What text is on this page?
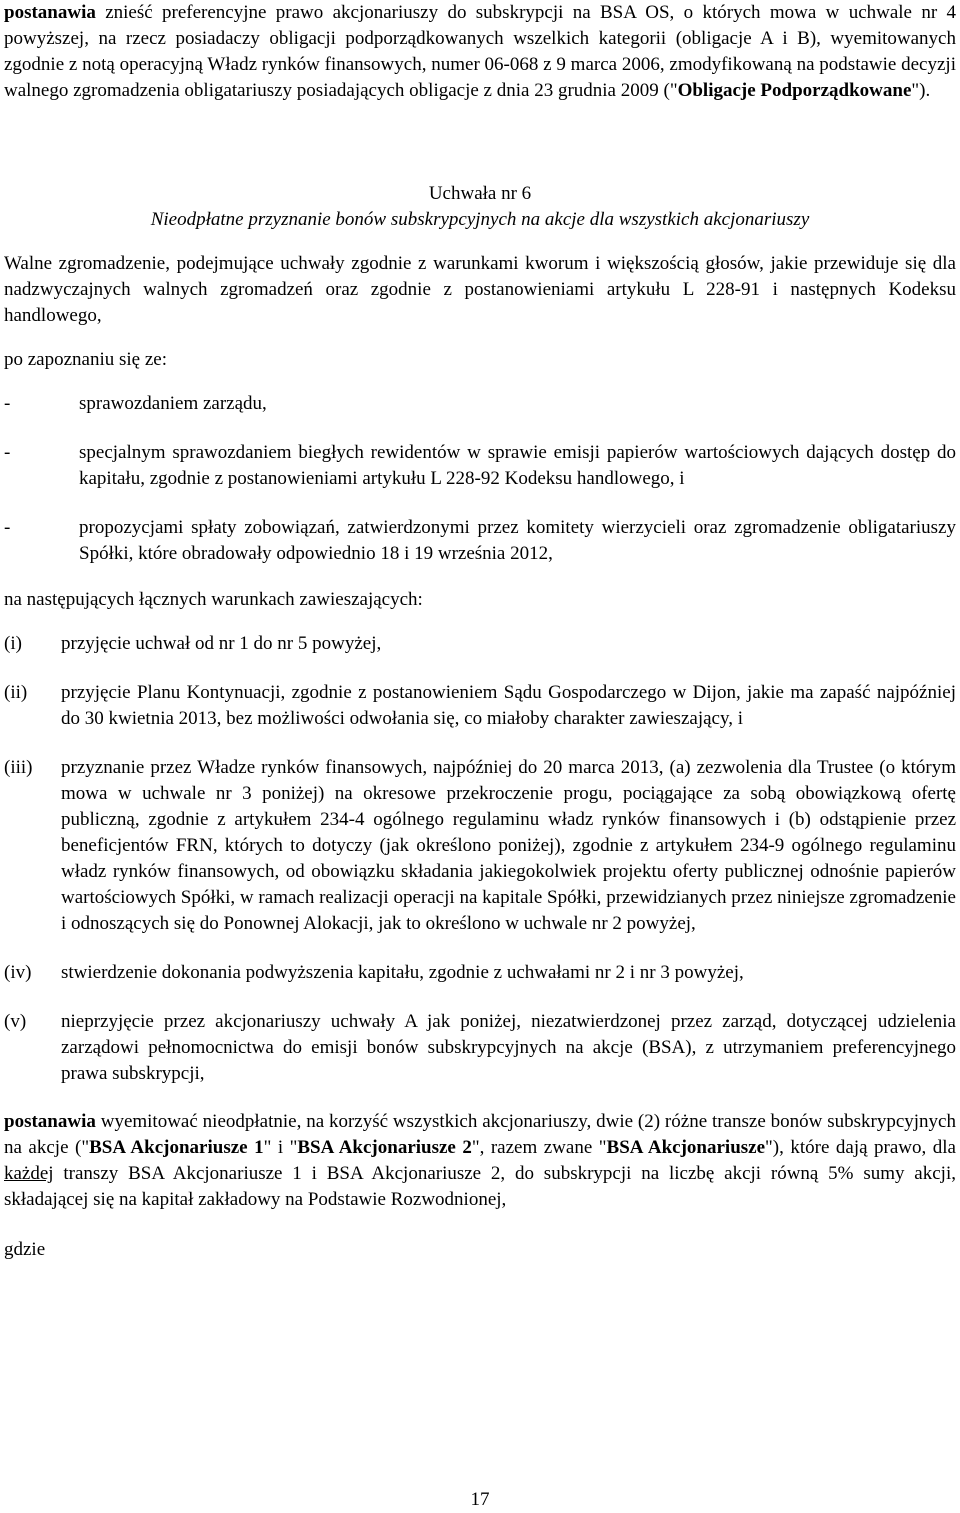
postanawia znieść preferencyjne prawo akcjonariuszy do subskrypcji na BSA OS, o których mowa w uchwale nr 4 powyższej, na rzecz posiadaczy obligacji podporządkowanych wszelkich kategorii (obligacje A i B), wyemitowanych zgodnie z notą operacyjną Władz rynków finansowych, numer 06-068 z 9 marca 2006, zmodyfikowaną na podstawie decyzji walnego zgromadzenia obligatariuszy posiadających obligacje z dnia 23 grudnia 2009 ("Obligacje Podporządkowane").

Uchwała nr 6

Nieodpłatne przyznanie bonów subskrypcyjnych na akcje dla wszystkich akcjonariuszy

Walne zgromadzenie, podejmujące uchwały zgodnie z warunkami kworum i większością głosów, jakie przewiduje się dla nadzwyczajnych walnych zgromadzeń oraz zgodnie z postanowieniami artykułu L 228-91 i następnych Kodeksu handlowego,

po zapoznaniu się ze:

-	sprawozdaniem zarządu,
-	specjalnym sprawozdaniem biegłych rewidentów w sprawie emisji papierów wartościowych dających dostęp do kapitału, zgodnie z postanowieniami artykułu L 228-92 Kodeksu handlowego, i
-	propozycjami spłaty zobowiązań, zatwierdzonymi przez komitety wierzycieli oraz zgromadzenie obligatariuszy Spółki, które obradowały odpowiednio 18 i 19 września 2012,

na następujących łącznych warunkach zawieszających:

(i)	przyjęcie uchwał od nr 1 do nr 5 powyżej,
(ii)	przyjęcie Planu Kontynuacji, zgodnie z postanowieniem Sądu Gospodarczego w Dijon, jakie ma zapaść najpóźniej do 30 kwietnia 2013, bez możliwości odwołania się, co miałoby charakter zawieszający, i
(iii)	przyznanie przez Władze rynków finansowych, najpóźniej do 20 marca 2013, (a) zezwolenia dla Trustee (o którym mowa w uchwale nr 3 poniżej) na okresowe przekroczenie progu, pociągające za sobą obowiązkową ofertę publiczną, zgodnie z artykułem 234-4 ogólnego regulaminu władz rynków finansowych i (b) odstąpienie przez beneficjentów FRN, których to dotyczy (jak określono poniżej), zgodnie z artykułem 234-9 ogólnego regulaminu władz rynków finansowych, od obowiązku składania jakiegokolwiek projektu oferty publicznej odnośnie papierów wartościowych Spółki, w ramach realizacji operacji na kapitale Spółki, przewidzianych przez niniejsze zgromadzenie i odnoszących się do Ponownej Alokacji, jak to określono w uchwale nr 2 powyżej,
(iv)	stwierdzenie dokonania podwyższenia kapitału, zgodnie z uchwałami nr 2 i nr 3 powyżej,
(v)	nieprzyjęcie przez akcjonariuszy uchwały A jak poniżej, niezatwierdzonej przez zarząd, dotyczącej udzielenia zarządowi pełnomocnictwa do emisji bonów subskrypcyjnych na akcje (BSA), z utrzymaniem preferencyjnego prawa subskrypcji,

postanawia wyemitować nieodpłatnie, na korzyść wszystkich akcjonariuszy, dwie (2) różne transze bonów subskrypcyjnych na akcje ("BSA Akcjonariusze 1" i "BSA Akcjonariusze 2", razem zwane "BSA Akcjonariusze"), które dają prawo, dla każdej transzy BSA Akcjonariusze 1 i BSA Akcjonariusze 2, do subskrypcji na liczbę akcji równą 5% sumy akcji, składającej się na kapitał zakładowy na Podstawie Rozwodnionej,

gdzie

17
